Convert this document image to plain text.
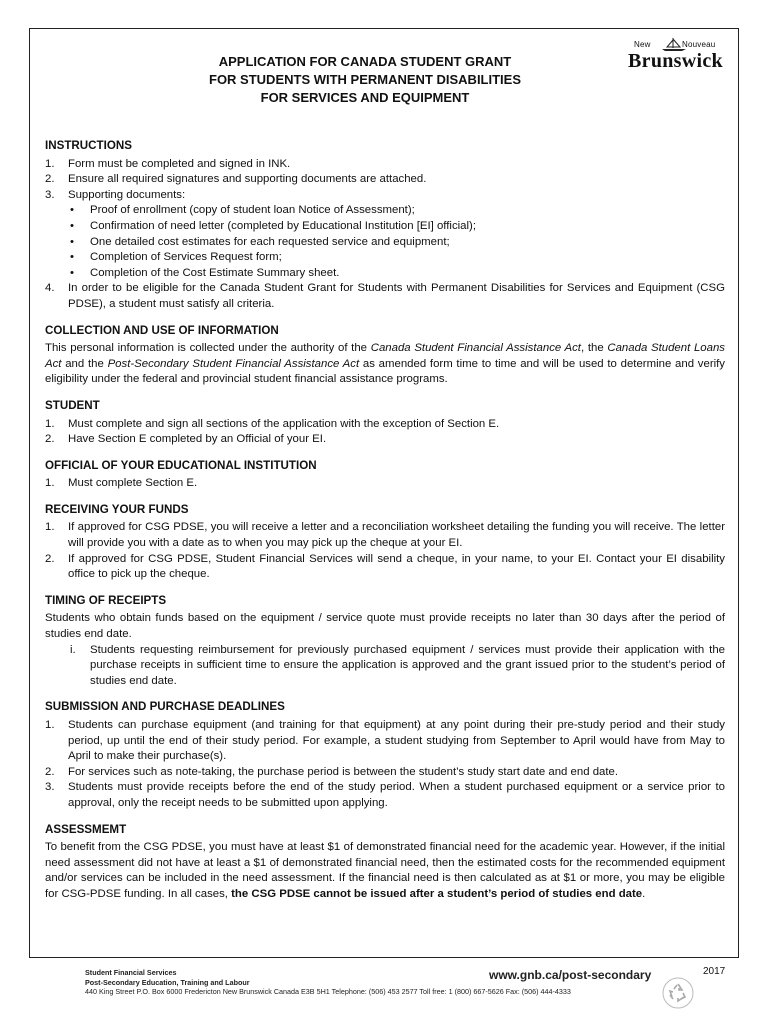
New	Nouveau
Brunswick
APPLICATION FOR CANADA STUDENT GRANT
FOR STUDENTS WITH PERMANENT DISABILITIES
FOR SERVICES AND EQUIPMENT
INSTRUCTIONS
1. Form must be completed and signed in INK.
2. Ensure all required signatures and supporting documents are attached.
3. Supporting documents:
• Proof of enrollment (copy of student loan Notice of Assessment);
• Confirmation of need letter (completed by Educational Institution [EI] official);
• One detailed cost estimates for each requested service and equipment;
• Completion of Services Request form;
• Completion of the Cost Estimate Summary sheet.
4. In order to be eligible for the Canada Student Grant for Students with Permanent Disabilities for Services and Equipment (CSG PDSE), a student must satisfy all criteria.
COLLECTION AND USE OF INFORMATION

This personal information is collected under the authority of the Canada Student Financial Assistance Act, the Canada Student Loans Act and the Post-Secondary Student Financial Assistance Act as amended form time to time and will be used to determine and verify eligibility under the federal and provincial student financial assistance programs.

STUDENT
1. Must complete and sign all sections of the application with the exception of Section E.
2. Have Section E completed by an Official of your EI.
OFFICIAL OF YOUR EDUCATIONAL INSTITUTION
1. Must complete Section E.
RECEIVING YOUR FUNDS
1. If approved for CSG PDSE, you will receive a letter and a reconciliation worksheet detailing the funding you will receive. The letter will provide you with a date as to when you may pick up the cheque at your EI.
2. If approved for CSG PDSE, Student Financial Services will send a cheque, in your name, to your EI. Contact your EI disability office to pick up the cheque.
TIMING OF RECEIPTS

Students who obtain funds based on the equipment / service quote must provide receipts no later than 30 days after the period of studies end date.

i. Students requesting reimbursement for previously purchased equipment / services must provide their application with the purchase receipts in sufficient time to ensure the application is approved and the grant issued prior to the student’s period of studies end date.
SUBMISSION AND PURCHASE DEADLINES
1. Students can purchase equipment (and training for that equipment) at any point during their pre-study period and their study period, up until the end of their study period. For example, a student studying from September to April would have from May to April to make their purchase(s).
2. For services such as note-taking, the purchase period is between the student’s study start date and end date.
3. Students must provide receipts before the end of the study period. When a student purchased equipment or a service prior to approval, only the receipt needs to be submitted upon applying.
ASSESSMEMT

To benefit from the CSG PDSE, you must have at least $1 of demonstrated financial need for the academic year. However, if the initial need assessment did not have at least a $1 of demonstrated financial need, then the estimated costs for the recommended equipment and/or services can be included in the need assessment. If the financial need is then calculated as at $1 or more, you may be eligible for CSG-PDSE funding. In all cases, the CSG PDSE cannot be issued after a student’s period of studies end date.

2017
Student Financial Services
Post-Secondary Education, Training and Labour
440 King Street P.O. Box 6000 Fredericton New Brunswick Canada E3B 5H1 Telephone: (506) 453 2577 Toll free: 1 (800) 667-5626 Fax: (506) 444-4333
www.gnb.ca/post-secondary
